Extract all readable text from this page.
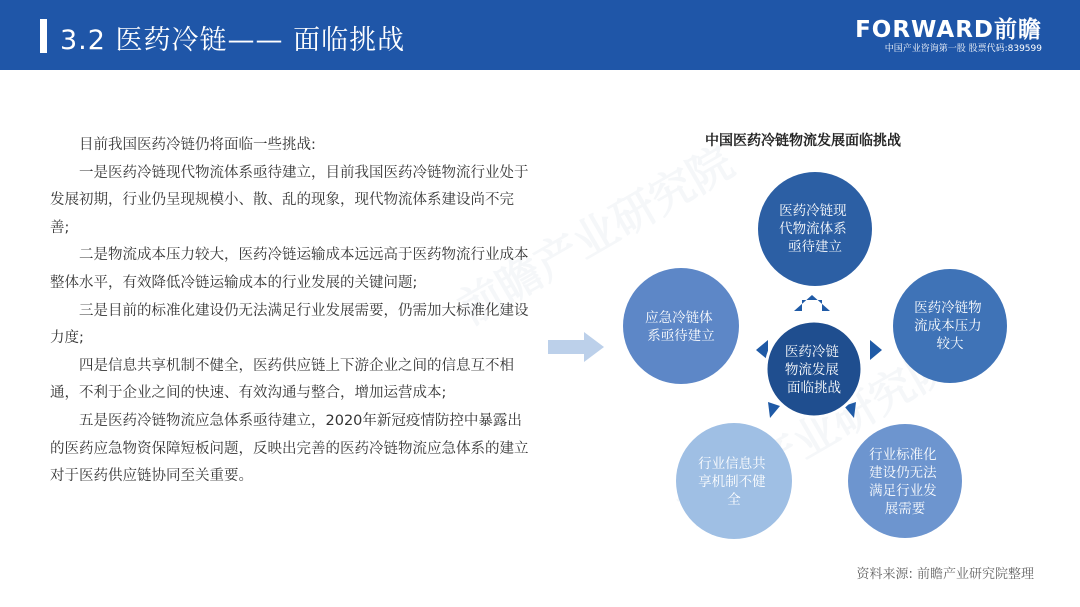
3.2 医药冷链—— 面临挑战	FORWARD前瞻
中国产业咨询第一股 股票代码:839599

目前我国医药冷链仍将面临一些挑战:

一是医药冷链现代物流体系亟待建立，目前我国医药冷链物流行业处于发展初期，行业仍呈现规模小、散、乱的现象，现代物流体系建设尚不完善;

二是物流成本压力较大，医药冷链运输成本远远高于医药物流行业成本整体水平，有效降低冷链运输成本的行业发展的关键问题;

三是目前的标准化建设仍无法满足行业发展需要，仍需加大标准化建设力度;

四是信息共享机制不健全，医药供应链上下游企业之间的信息互不相通，不利于企业之间的快速、有效沟通与整合，增加运营成本;

五是医药冷链物流应急体系亟待建立，2020年新冠疫情防控中暴露出的医药应急物资保障短板问题，反映出完善的医药冷链物流应急体系的建立对于医药供应链协同至关重要。

中国医药冷链物流发展面临挑战
医药冷链现 代物流体系 亟待建立
医药冷链物 流成本压力 较大
行业标准化 建设仍无法 满足行业发 展需要
行业信息共 享机制不健 全
应急冷链体 系亟待建立
医药冷链 物流发展 面临挑战
资料来源: 前瞻产业研究院整理
